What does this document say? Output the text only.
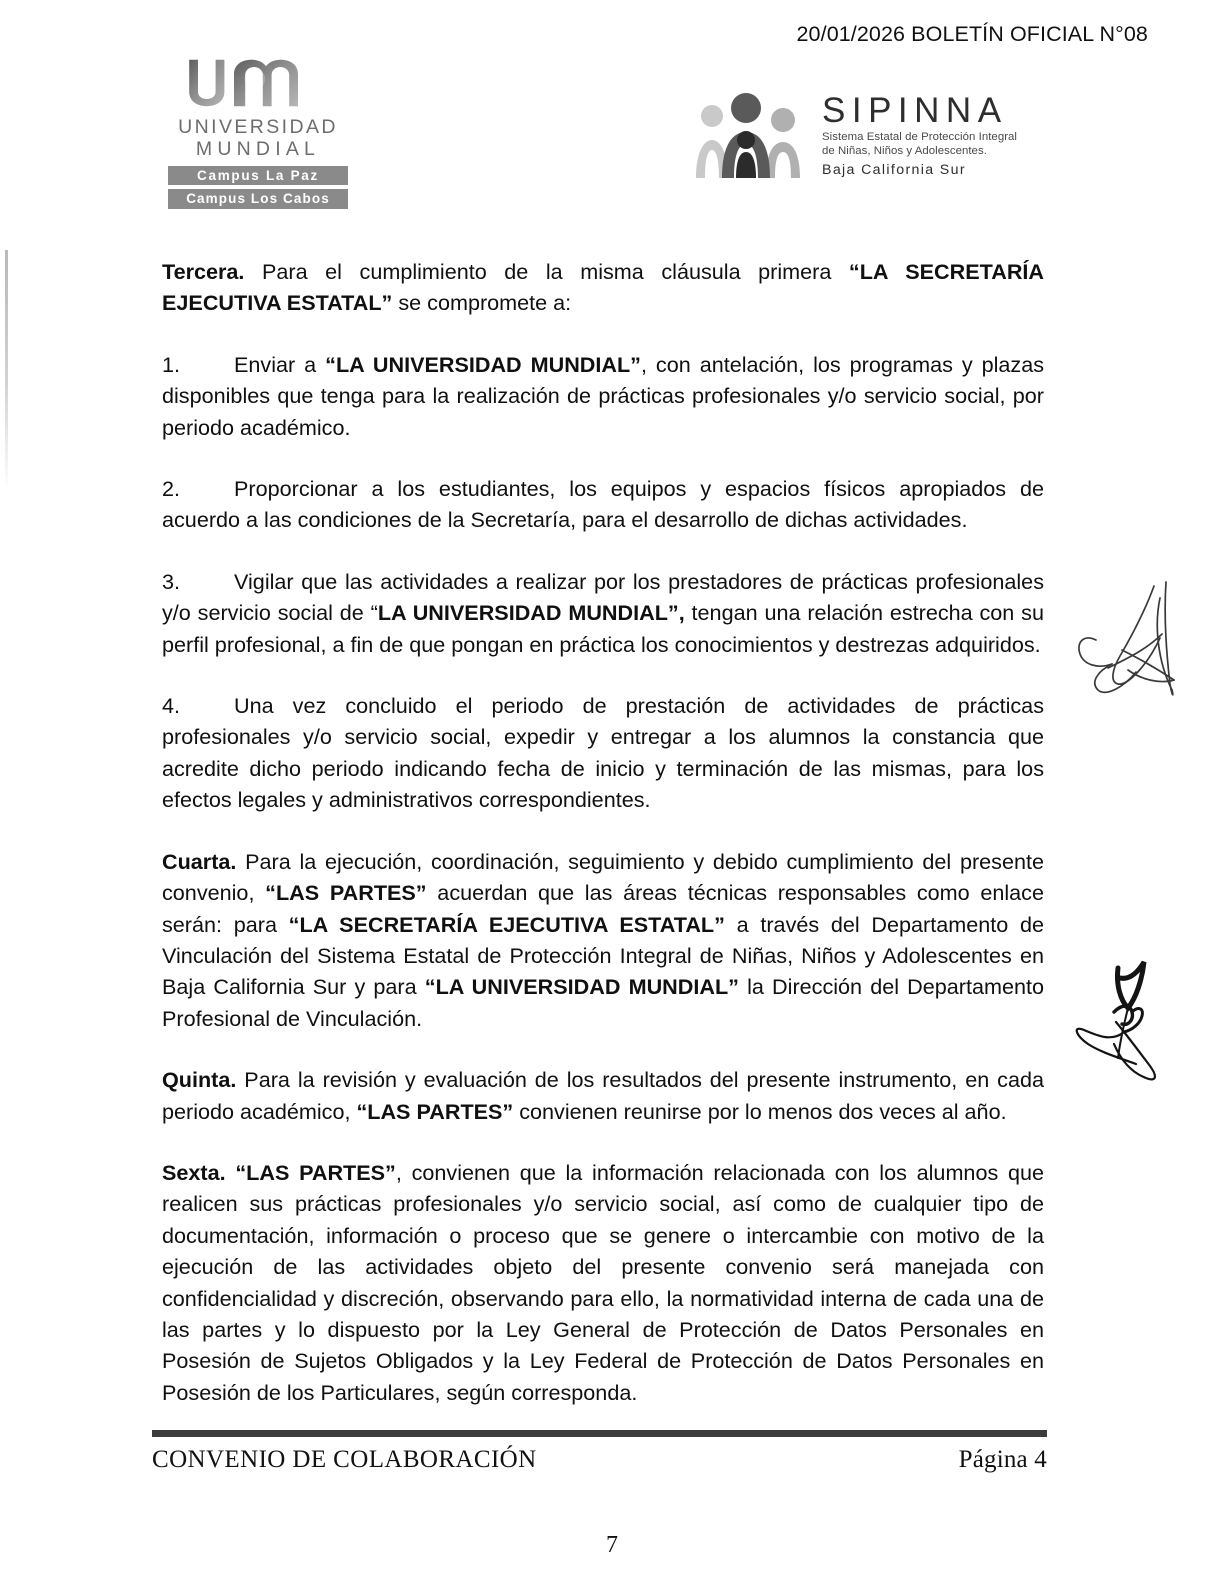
20/01/2026 BOLETÍN OFICIAL N°08
UNIVERSIDAD
MUNDIAL
Campus La Paz
Campus Los Cabos
SIPINNA
Sistema Estatal de Protección Integral
de Niñas, Niños y Adolescentes.
Baja California Sur

Tercera. Para el cumplimiento de la misma cláusula primera “LA SECRETARÍA EJECUTIVA ESTATAL” se compromete a:

1. Enviar a “LA UNIVERSIDAD MUNDIAL”, con antelación, los programas y plazas disponibles que tenga para la realización de prácticas profesionales y/o servicio social, por periodo académico.

2. Proporcionar a los estudiantes, los equipos y espacios físicos apropiados de acuerdo a las condiciones de la Secretaría, para el desarrollo de dichas actividades.

3. Vigilar que las actividades a realizar por los prestadores de prácticas profesionales y/o servicio social de “LA UNIVERSIDAD MUNDIAL”, tengan una relación estrecha con su perfil profesional, a fin de que pongan en práctica los conocimientos y destrezas adquiridos.

4. Una vez concluido el periodo de prestación de actividades de prácticas profesionales y/o servicio social, expedir y entregar a los alumnos la constancia que acredite dicho periodo indicando fecha de inicio y terminación de las mismas, para los efectos legales y administrativos correspondientes.

Cuarta. Para la ejecución, coordinación, seguimiento y debido cumplimiento del presente convenio, “LAS PARTES” acuerdan que las áreas técnicas responsables como enlace serán: para “LA SECRETARÍA EJECUTIVA ESTATAL” a través del Departamento de Vinculación del Sistema Estatal de Protección Integral de Niñas, Niños y Adolescentes en Baja California Sur y para “LA UNIVERSIDAD MUNDIAL” la Dirección del Departamento Profesional de Vinculación.

Quinta. Para la revisión y evaluación de los resultados del presente instrumento, en cada periodo académico, “LAS PARTES” convienen reunirse por lo menos dos veces al año.

Sexta. “LAS PARTES”, convienen que la información relacionada con los alumnos que realicen sus prácticas profesionales y/o servicio social, así como de cualquier tipo de documentación, información o proceso que se genere o intercambie con motivo de la ejecución de las actividades objeto del presente convenio será manejada con confidencialidad y discreción, observando para ello, la normatividad interna de cada una de las partes y lo dispuesto por la Ley General de Protección de Datos Personales en Posesión de Sujetos Obligados y la Ley Federal de Protección de Datos Personales en Posesión de los Particulares, según corresponda.

CONVENIO DE COLABORACIÓN	Página 4
7
